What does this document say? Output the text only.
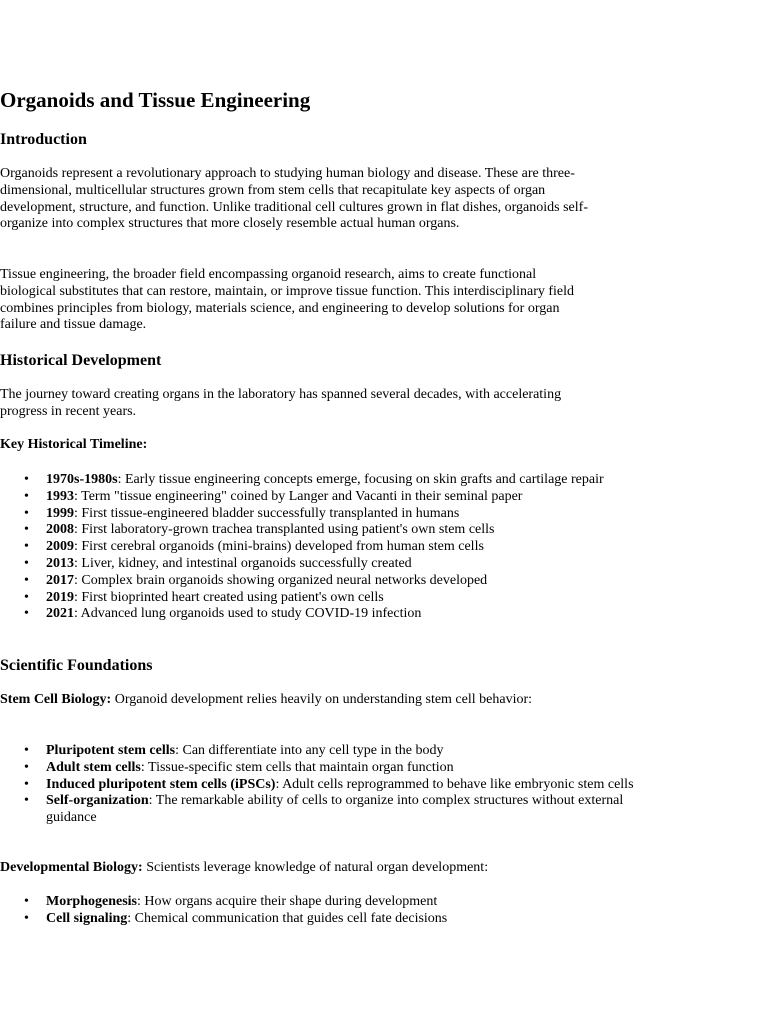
Organoids and Tissue Engineering
Introduction

Organoids represent a revolutionary approach to studying human biology and disease. These are three-dimensional, multicellular structures grown from stem cells that recapitulate key aspects of organ development, structure, and function. Unlike traditional cell cultures grown in flat dishes, organoids self-organize into complex structures that more closely resemble actual human organs.

Tissue engineering, the broader field encompassing organoid research, aims to create functional biological substitutes that can restore, maintain, or improve tissue function. This interdisciplinary field combines principles from biology, materials science, and engineering to develop solutions for organ failure and tissue damage.

Historical Development

The journey toward creating organs in the laboratory has spanned several decades, with accelerating progress in recent years.

Key Historical Timeline:

• 1970s-1980s: Early tissue engineering concepts emerge, focusing on skin grafts and cartilage repair
• 1993: Term "tissue engineering" coined by Langer and Vacanti in their seminal paper
• 1999: First tissue-engineered bladder successfully transplanted in humans
• 2008: First laboratory-grown trachea transplanted using patient's own stem cells
• 2009: First cerebral organoids (mini-brains) developed from human stem cells
• 2013: Liver, kidney, and intestinal organoids successfully created
• 2017: Complex brain organoids showing organized neural networks developed
• 2019: First bioprinted heart created using patient's own cells
• 2021: Advanced lung organoids used to study COVID-19 infection
Scientific Foundations

Stem Cell Biology: Organoid development relies heavily on understanding stem cell behavior:

• Pluripotent stem cells: Can differentiate into any cell type in the body
• Adult stem cells: Tissue-specific stem cells that maintain organ function
• Induced pluripotent stem cells (iPSCs): Adult cells reprogrammed to behave like embryonic stem cells
• Self-organization: The remarkable ability of cells to organize into complex structures without external guidance

Developmental Biology: Scientists leverage knowledge of natural organ development:

• Morphogenesis: How organs acquire their shape during development
• Cell signaling: Chemical communication that guides cell fate decisions
